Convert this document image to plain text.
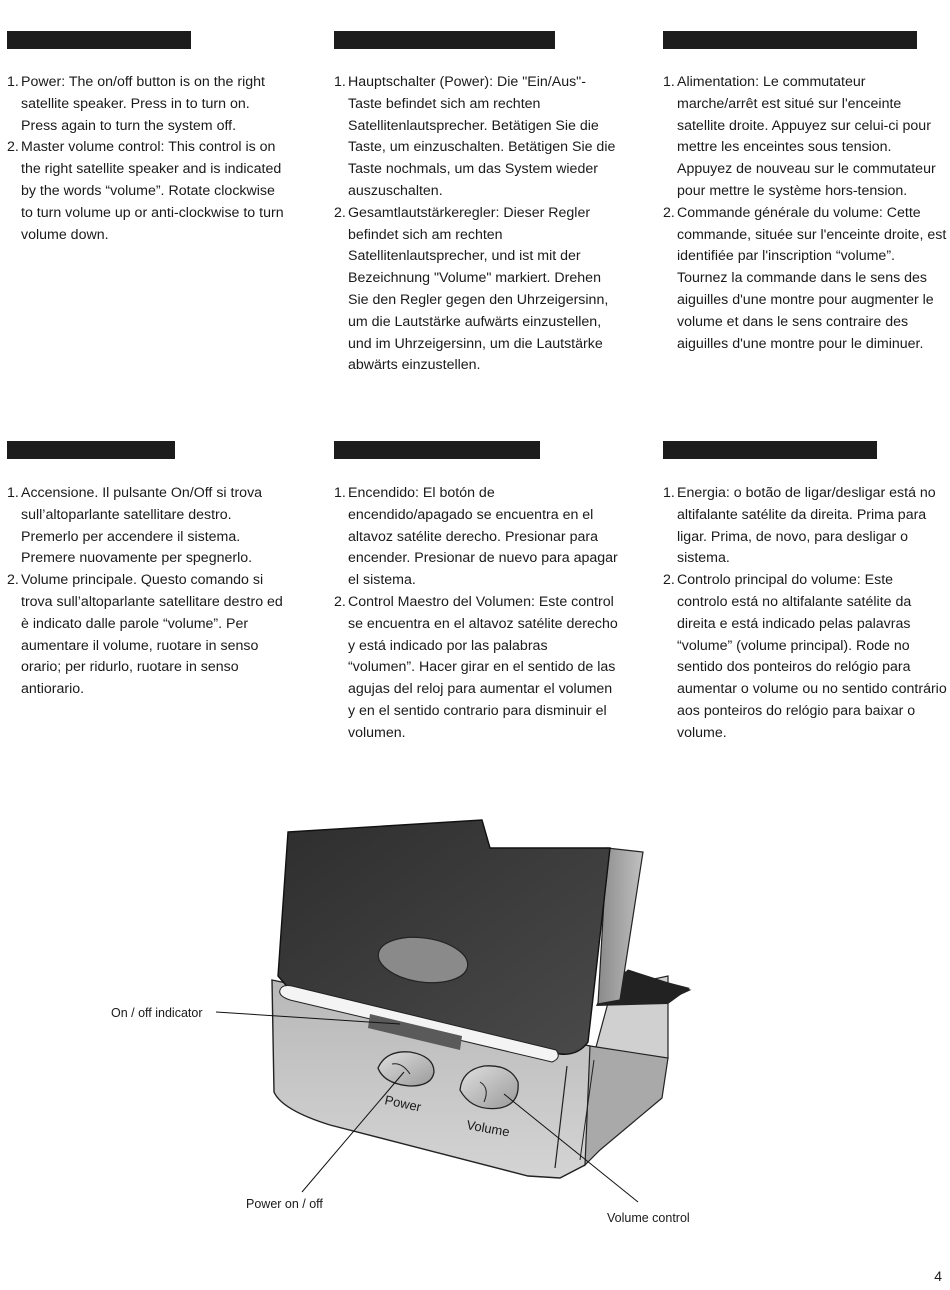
1. Power: The on/off button is on the right satellite speaker. Press in to turn on. Press again to turn the system off.
2. Master volume control: This control is on the right satellite speaker and is indicated by the words “volume”. Rotate clockwise to turn volume up or anti-clockwise to turn volume down.
1. Hauptschalter (Power): Die "Ein/Aus"-Taste befindet sich am rechten Satellitenlautsprecher. Betätigen Sie die Taste, um einzuschalten. Betätigen Sie die Taste nochmals, um das System wieder auszuschalten.
2. Gesamtlautstärkeregler: Dieser Regler befindet sich am rechten Satellitenlautsprecher, und ist mit der Bezeichnung "Volume" markiert. Drehen Sie den Regler gegen den Uhrzeigersinn, um die Lautstärke aufwärts einzustellen, und im Uhrzeigersinn, um die Lautstärke abwärts einzustellen.
1. Alimentation: Le commutateur marche/arrêt est situé sur l'enceinte satellite droite. Appuyez sur celui-ci pour mettre les enceintes sous tension. Appuyez de nouveau sur le commutateur pour mettre le système hors-tension.
2. Commande générale du volume: Cette commande, située sur l'enceinte droite, est identifiée par l'inscription “volume”. Tournez la commande dans le sens des aiguilles d'une montre pour augmenter le volume et dans le sens contraire des aiguilles d'une montre pour le diminuer.
1. Accensione. Il pulsante On/Off si trova sull’altoparlante satellitare destro. Premerlo per accendere il sistema. Premere nuovamente per spegnerlo.
2. Volume principale. Questo comando si trova sull’altoparlante satellitare destro ed è indicato dalle parole “volume”. Per aumentare il volume, ruotare in senso orario; per ridurlo, ruotare in senso antiorario.
1. Encendido: El botón de encendido/apagado se encuentra en el altavoz satélite derecho. Presionar para encender. Presionar de nuevo para apagar el sistema.
2. Control Maestro del Volumen: Este control se encuentra en el altavoz satélite derecho y está indicado por las palabras “volumen”. Hacer girar en el sentido de las agujas del reloj para aumentar el volumen y en el sentido contrario para disminuir el volumen.
1. Energia: o botão de ligar/desligar está no altifalante satélite da direita. Prima para ligar. Prima, de novo, para desligar o sistema.
2. Controlo principal do volume: Este controlo está no altifalante satélite da direita e está indicado pelas palavras “volume” (volume principal). Rode no sentido dos ponteiros do relógio para aumentar o volume ou no sentido contrário aos ponteiros do relógio para baixar o volume.
Power
Volume
On / off indicator
Power on / off
Volume control
4
